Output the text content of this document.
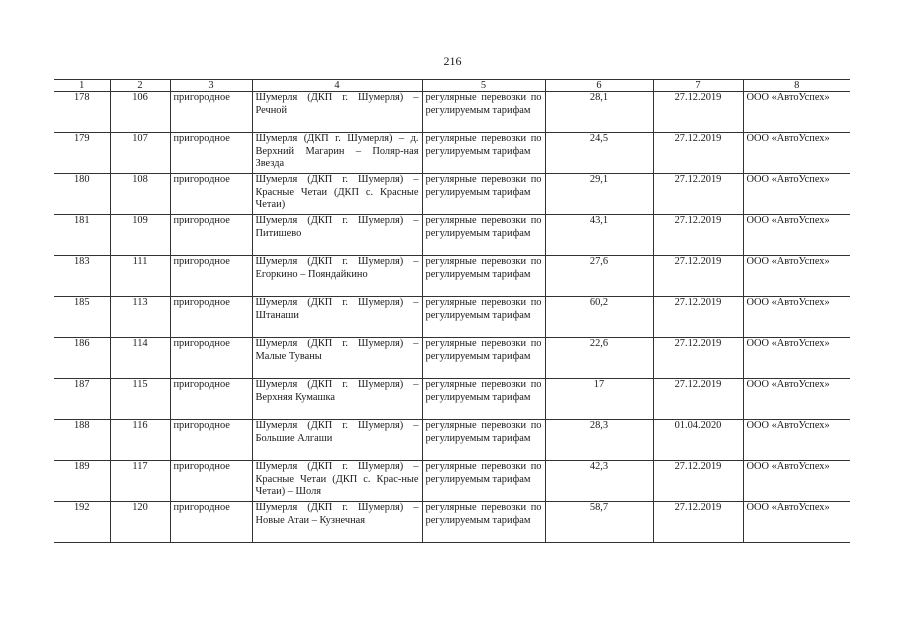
216
1	2	3	4	5	6	7	8
178	106	пригородное	Шумерля (ДКП г. Шумерля) – Речной	регулярные перевозки по регулируемым тарифам	28,1	27.12.2019	ООО «АвтоУспех»
179	107	пригородное	Шумерля (ДКП г. Шумерля) – д. Верхний Магарин – Поляр-ная Звезда	регулярные перевозки по регулируемым тарифам	24,5	27.12.2019	ООО «АвтоУспех»
180	108	пригородное	Шумерля (ДКП г. Шумерля) – Красные Четаи (ДКП с. Красные Четаи)	регулярные перевозки по регулируемым тарифам	29,1	27.12.2019	ООО «АвтоУспех»
181	109	пригородное	Шумерля (ДКП г. Шумерля) – Питишево	регулярные перевозки по регулируемым тарифам	43,1	27.12.2019	ООО «АвтоУспех»
183	111	пригородное	Шумерля (ДКП г. Шумерля) – Егоркино – Пояндайкино	регулярные перевозки по регулируемым тарифам	27,6	27.12.2019	ООО «АвтоУспех»
185	113	пригородное	Шумерля (ДКП г. Шумерля) – Штанаши	регулярные перевозки по регулируемым тарифам	60,2	27.12.2019	ООО «АвтоУспех»
186	114	пригородное	Шумерля (ДКП г. Шумерля) – Малые Туваны	регулярные перевозки по регулируемым тарифам	22,6	27.12.2019	ООО «АвтоУспех»
187	115	пригородное	Шумерля (ДКП г. Шумерля) – Верхняя Кумашка	регулярные перевозки по регулируемым тарифам	17	27.12.2019	ООО «АвтоУспех»
188	116	пригородное	Шумерля (ДКП г. Шумерля) – Большие Алгаши	регулярные перевозки по регулируемым тарифам	28,3	01.04.2020	ООО «АвтоУспех»
189	117	пригородное	Шумерля (ДКП г. Шумерля) – Красные Четаи (ДКП с. Крас-ные Четаи) – Шоля	регулярные перевозки по регулируемым тарифам	42,3	27.12.2019	ООО «АвтоУспех»
192	120	пригородное	Шумерля (ДКП г. Шумерля) – Новые Атаи – Кузнечная	регулярные перевозки по регулируемым тарифам	58,7	27.12.2019	ООО «АвтоУспех»
